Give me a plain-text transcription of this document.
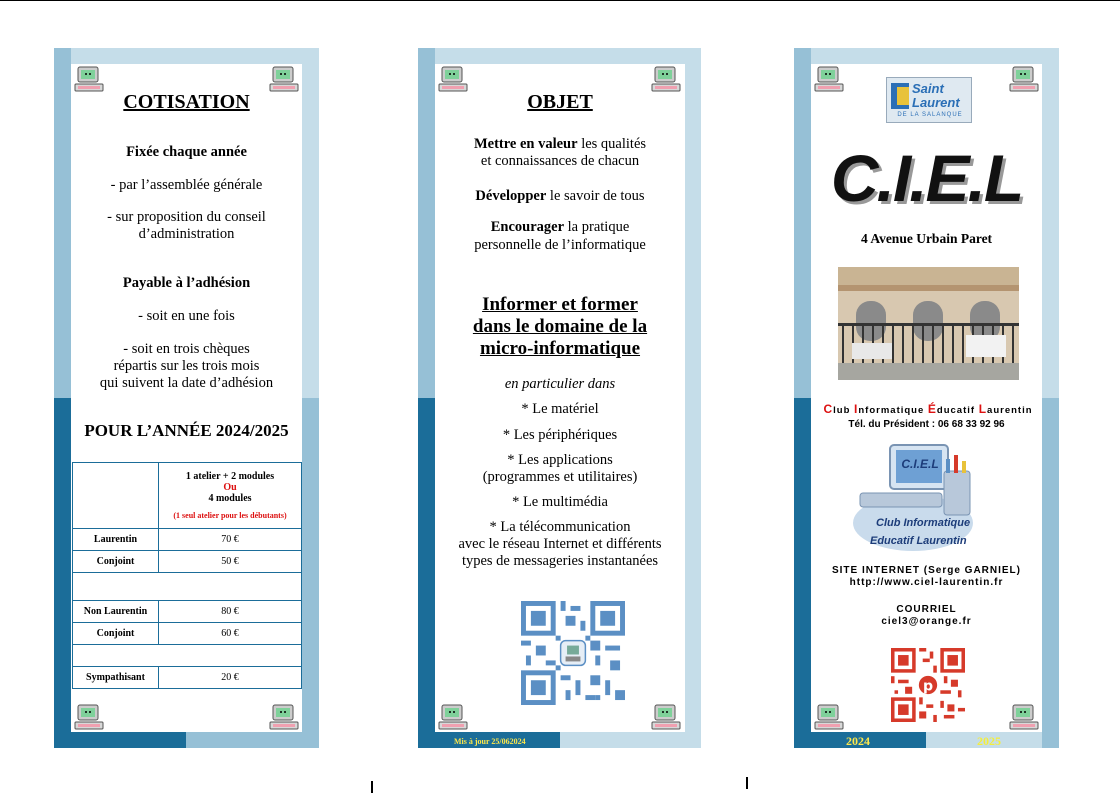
COTISATION
Fixée chaque année
- par l’assemblée générale
- sur proposition du conseil
d’administration
Payable à l’adhésion
- soit en une fois
- soit en trois chèques
répartis sur les trois mois
qui suivent la date d’adhésion
POUR L’ANNÉE 2024/2025

	1 atelier + 2 modules
Ou
4 modules
(1 seul atelier pour les débutants)

Laurentin	70 €
Conjoint	50 €

Non Laurentin	80 €
Conjoint	60 €

Sympathisant	20 €
OBJET
Mettre en valeur les qualités
et connaissances de chacun
Développer le savoir de tous
Encourager la pratique
personnelle de l’informatique
Informer et former
dans le domaine de la
micro-informatique
en particulier dans
* Le matériel
* Les périphériques
* Les applications
(programmes et utilitaires)
* Le multimédia
* La télécommunication
avec le réseau Internet et différents
types de messageries instantanées
Mis à jour 25/062024
Saint
Laurent
DE LA SALANQUE
C.I.E.L
4 Avenue Urbain Paret
Club Informatique Éducatif Laurentin
Tél. du Président : 06 68 33 92 96
C.I.E.L
Club Informatique
Educatif Laurentin
SITE INTERNET (Serge GARNIEL)
http://www.ciel-laurentin.fr
COURRIEL
ciel3@orange.fr
p
2024	2025
